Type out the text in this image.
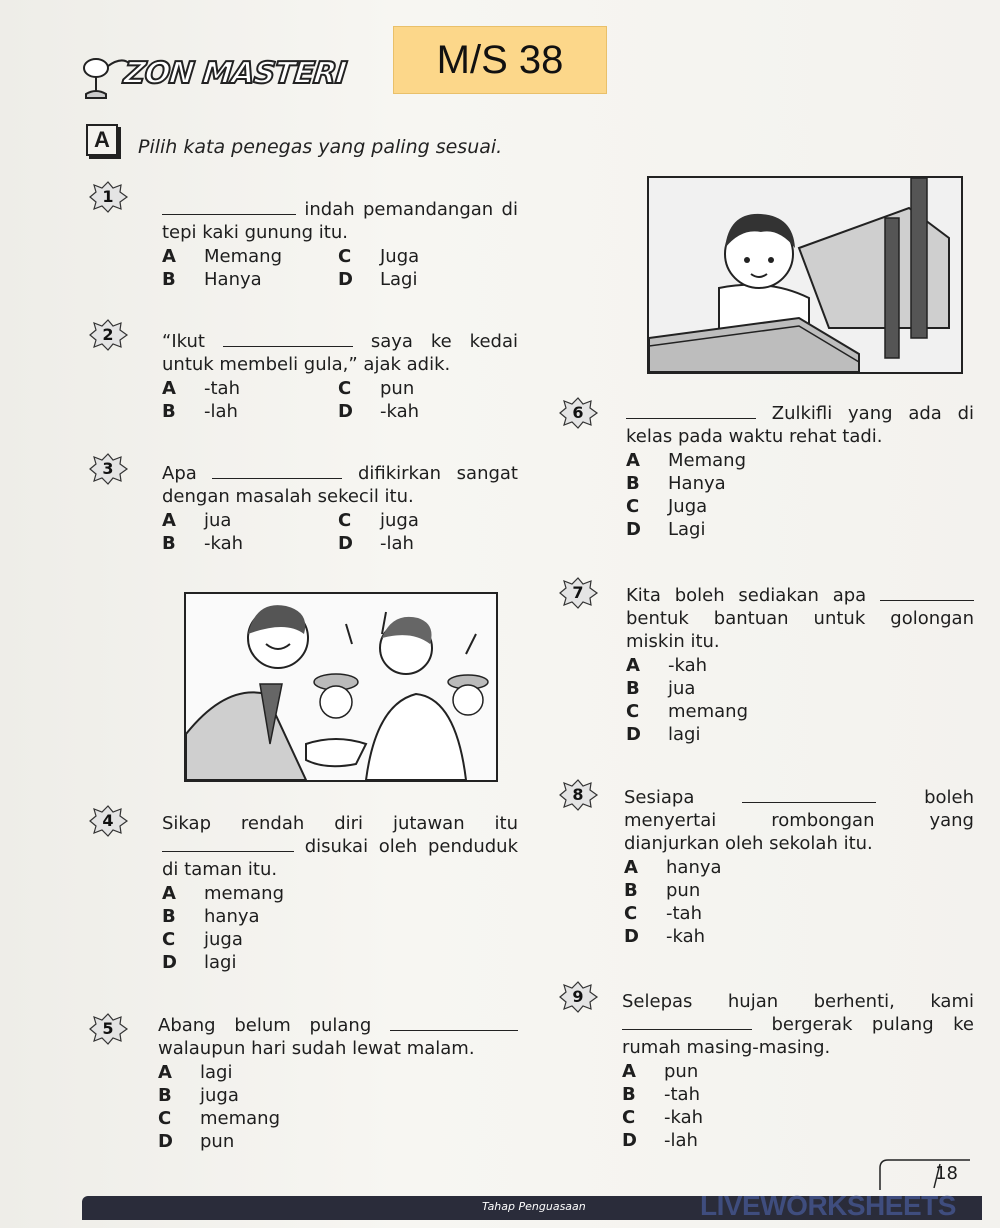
ZON MASTERI	M/S 38
A	Pilih kata penegas yang paling sesuai.
1
2
3
4
5
6
7
8
9
indah pemandangan di tepi kaki gunung itu.
A	Memang	C	Juga
B	Hanya	D	Lagi
“Ikut	saya ke kedai untuk membeli gula,” ajak adik.
A	-tah	C	pun
B	-lah	D	-kah
Apa	difikirkan sangat dengan masalah sekecil itu.
A	jua	C	juga
B	-kah	D	-lah
Sikap rendah diri jutawan itu  disukai oleh penduduk di taman itu.
A	memang
B	hanya
C	juga
D	lagi
Abang belum pulang  walaupun hari sudah lewat malam.
A	lagi
B	juga
C	memang
D	pun
Zulkifli yang ada di kelas pada waktu rehat tadi.
A	Memang
B	Hanya
C	Juga
D	Lagi
Kita boleh sediakan apa  bentuk bantuan untuk golongan miskin itu.
A	-kah
B	jua
C	memang
D	lagi
Sesiapa	boleh menyertai rombongan yang dianjurkan oleh sekolah itu.
A	hanya
B	pun
C	-tah
D	-kah
Selepas hujan berhenti, kami  bergerak pulang ke rumah masing-masing.
A	pun
B	-tah
C	-kah
D	-lah
18
Tahap Penguasaan	LIVEWORKSHEETS
